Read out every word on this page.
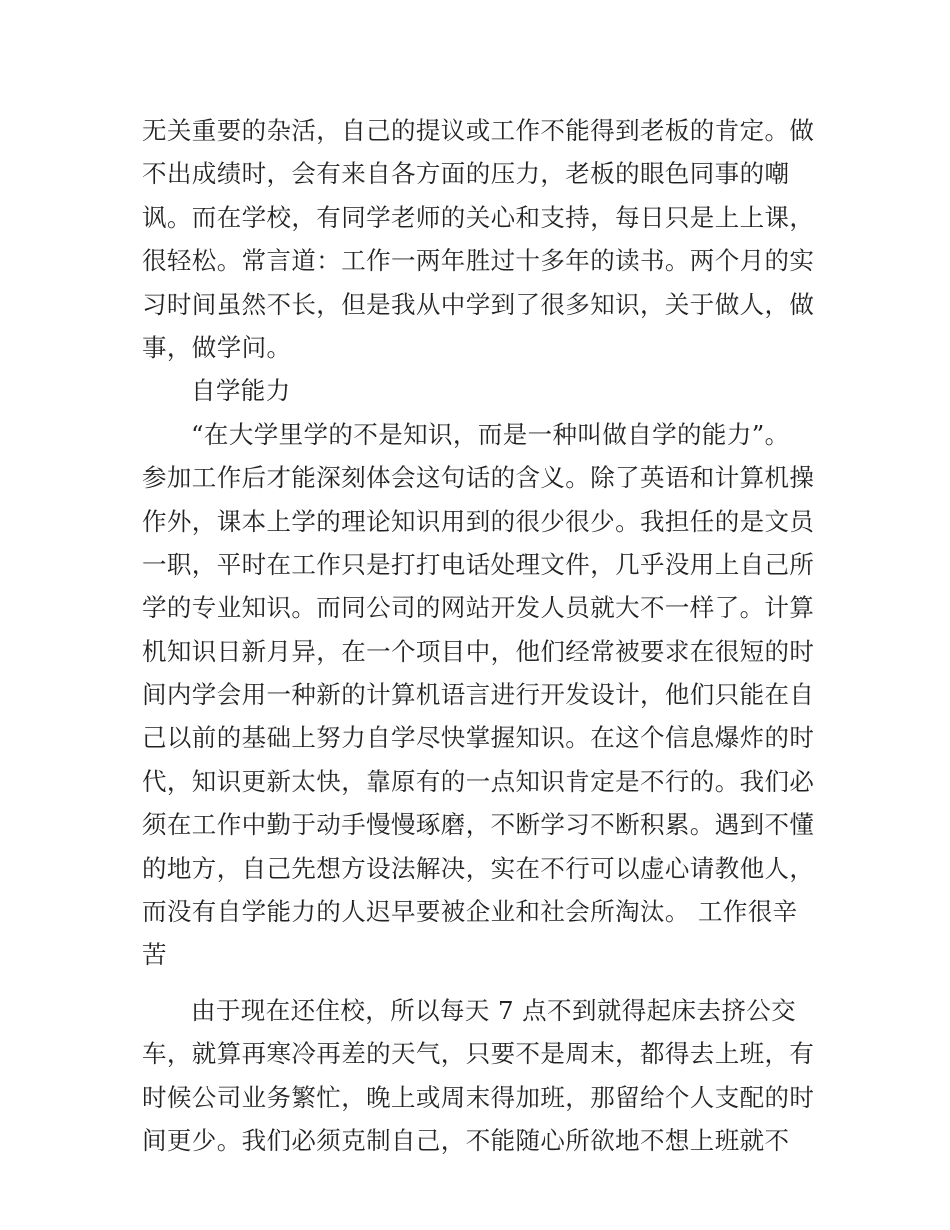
无关重要的杂活，自己的提议或工作不能得到老板的肯定。做
不出成绩时，会有来自各方面的压力，老板的眼色同事的嘲
讽。而在学校，有同学老师的关心和支持，每日只是上上课，
很轻松。常言道：工作一两年胜过十多年的读书。两个月的实
习时间虽然不长，但是我从中学到了很多知识，关于做人，做
事，做学问。
自学能力
“在大学里学的不是知识，而是一种叫做自学的能力”。
参加工作后才能深刻体会这句话的含义。除了英语和计算机操
作外，课本上学的理论知识用到的很少很少。我担任的是文员
一职，平时在工作只是打打电话处理文件，几乎没用上自己所
学的专业知识。而同公司的网站开发人员就大不一样了。计算
机知识日新月异，在一个项目中，他们经常被要求在很短的时
间内学会用一种新的计算机语言进行开发设计，他们只能在自
己以前的基础上努力自学尽快掌握知识。在这个信息爆炸的时
代，知识更新太快，靠原有的一点知识肯定是不行的。我们必
须在工作中勤于动手慢慢琢磨，不断学习不断积累。遇到不懂
的地方，自己先想方设法解决，实在不行可以虚心请教他人，
而没有自学能力的人迟早要被企业和社会所淘汰。 工作很辛
苦
由于现在还住校，所以每天 7 点不到就得起床去挤公交
车，就算再寒冷再差的天气，只要不是周末，都得去上班，有
时候公司业务繁忙，晚上或周末得加班，那留给个人支配的时
间更少。我们必须克制自己，不能随心所欲地不想上班就不
